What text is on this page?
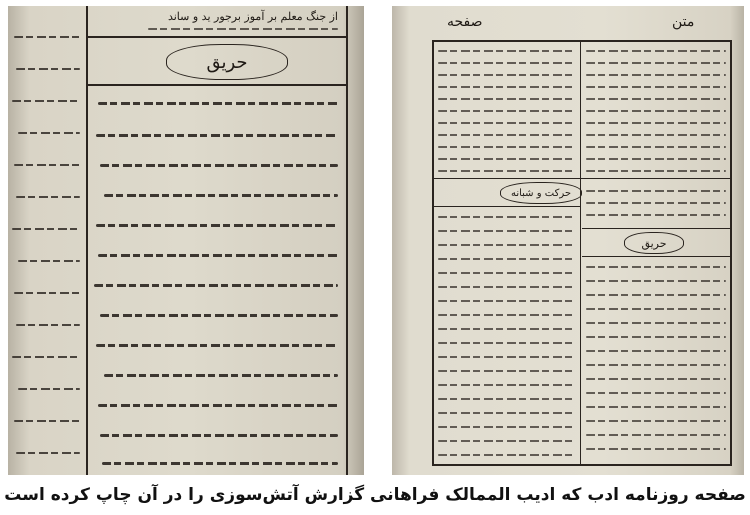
از جنگ معلم بر آموز برجور ید و ساند
حریق
صفحه	متن
حرکت و شبانه
حریق
صفحه روزنامه ادب که ادیب الممالک فراهانی گزارش آتش‌سوزی را در آن چاپ کرده است
